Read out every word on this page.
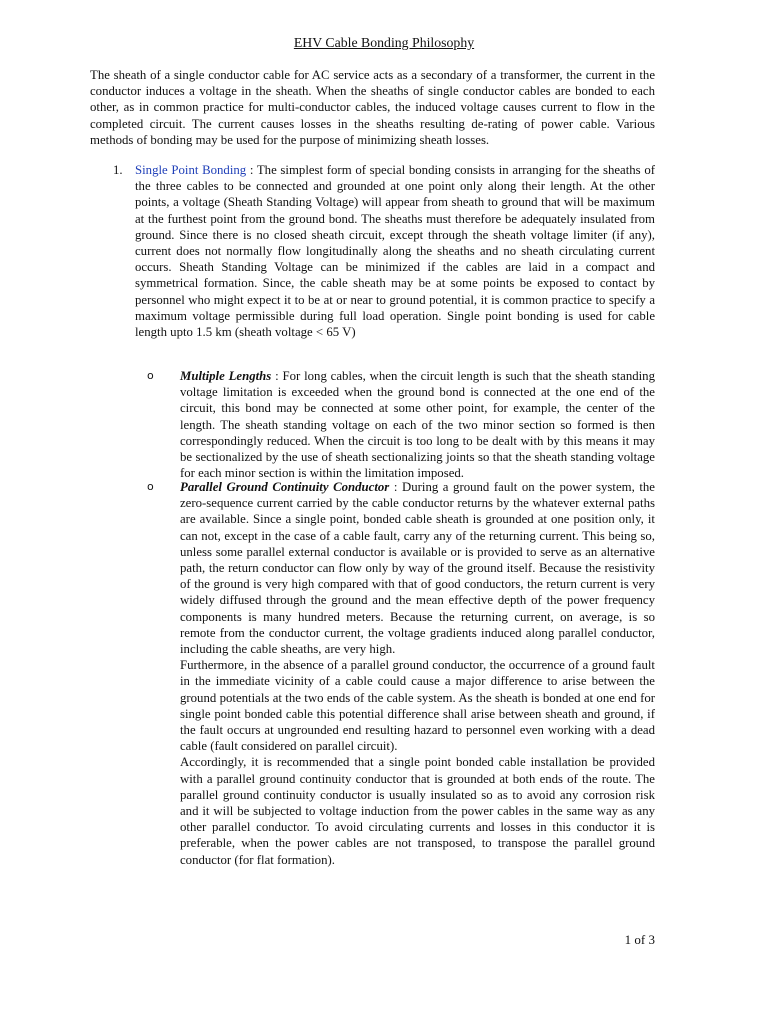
EHV Cable Bonding Philosophy
The sheath of a single conductor cable for AC service acts as a secondary of a transformer, the current in the conductor induces a voltage in the sheath. When the sheaths of single conductor cables are bonded to each other, as in common practice for multi-conductor cables, the induced voltage causes current to flow in the completed circuit. The current causes losses in the sheaths resulting de-rating of power cable. Various methods of bonding may be used for the purpose of minimizing sheath losses.
1. Single Point Bonding : The simplest form of special bonding consists in arranging for the sheaths of the three cables to be connected and grounded at one point only along their length. At the other points, a voltage (Sheath Standing Voltage) will appear from sheath to ground that will be maximum at the furthest point from the ground bond. The sheaths must therefore be adequately insulated from ground. Since there is no closed sheath circuit, except through the sheath voltage limiter (if any), current does not normally flow longitudinally along the sheaths and no sheath circulating current occurs. Sheath Standing Voltage can be minimized if the cables are laid in a compact and symmetrical formation. Since, the cable sheath may be at some points be exposed to contact by personnel who might expect it to be at or near to ground potential, it is common practice to specify a maximum voltage permissible during full load operation. Single point bonding is used for cable length upto 1.5 km (sheath voltage < 65 V)
o Multiple Lengths : For long cables, when the circuit length is such that the sheath standing voltage limitation is exceeded when the ground bond is connected at the one end of the circuit, this bond may be connected at some other point, for example, the center of the length. The sheath standing voltage on each of the two minor section so formed is then correspondingly reduced. When the circuit is too long to be dealt with by this means it may be sectionalized by the use of sheath sectionalizing joints so that the sheath standing voltage for each minor section is within the limitation imposed.
o Parallel Ground Continuity Conductor : During a ground fault on the power system, the zero-sequence current carried by the cable conductor returns by the whatever external paths are available. Since a single point, bonded cable sheath is grounded at one position only, it can not, except in the case of a cable fault, carry any of the returning current. This being so, unless some parallel external conductor is available or is provided to serve as an alternative path, the return conductor can flow only by way of the ground itself. Because the resistivity of the ground is very high compared with that of good conductors, the return current is very widely diffused through the ground and the mean effective depth of the power frequency components is many hundred meters. Because the returning current, on average, is so remote from the conductor current, the voltage gradients induced along parallel conductor, including the cable sheaths, are very high.

Furthermore, in the absence of a parallel ground conductor, the occurrence of a ground fault in the immediate vicinity of a cable could cause a major difference to arise between the ground potentials at the two ends of the cable system. As the sheath is bonded at one end for single point bonded cable this potential difference shall arise between sheath and ground, if the fault occurs at ungrounded end resulting hazard to personnel even working with a dead cable (fault considered on parallel circuit).

Accordingly, it is recommended that a single point bonded cable installation be provided with a parallel ground continuity conductor that is grounded at both ends of the route. The parallel ground continuity conductor is usually insulated so as to avoid any corrosion risk and it will be subjected to voltage induction from the power cables in the same way as any other parallel conductor. To avoid circulating currents and losses in this conductor it is preferable, when the power cables are not transposed, to transpose the parallel ground conductor (for flat formation).

1 of 3
